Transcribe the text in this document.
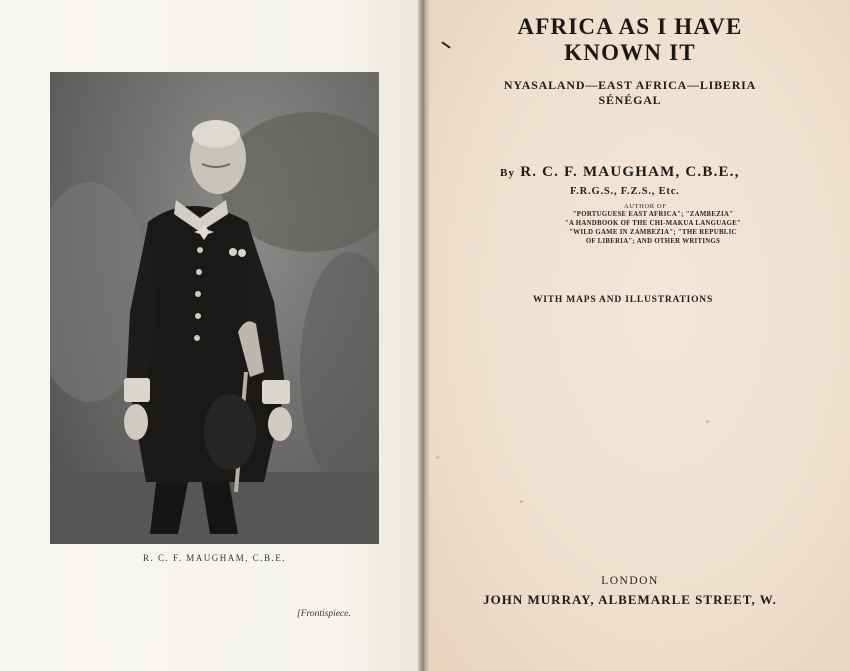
R. C. F. MAUGHAM, C.B.E.
[Frontispiece.
AFRICA AS I HAVE
KNOWN IT
NYASALAND—EAST AFRICA—LIBERIA
SÉNÉGAL
By R. C. F. MAUGHAM, C.B.E.,
F.R.G.S., F.Z.S., Etc.
AUTHOR OF
"PORTUGUESE EAST AFRICA"; "ZAMBEZIA"
"A HANDBOOK OF THE CHI-MAKUA LANGUAGE"
"WILD GAME IN ZAMBEZIA"; "THE REPUBLIC
OF LIBERIA"; AND OTHER WRITINGS
WITH MAPS AND ILLUSTRATIONS
LONDON
JOHN MURRAY, ALBEMARLE STREET, W.
